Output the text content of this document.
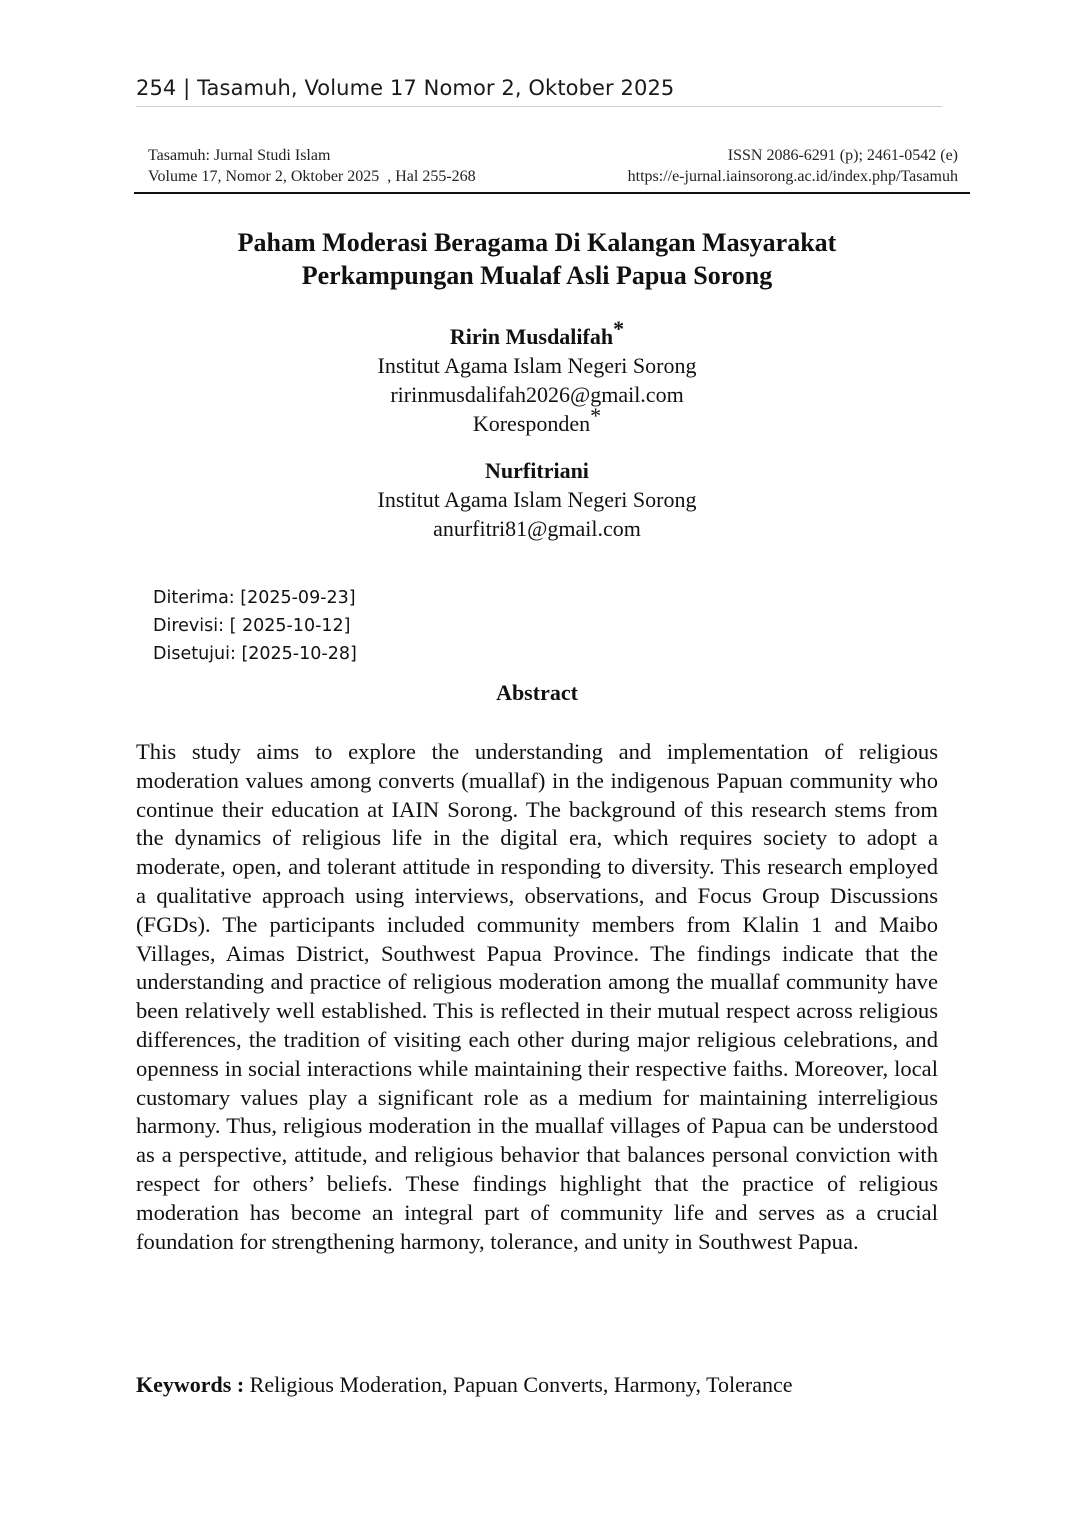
254 | Tasamuh, Volume 17 Nomor 2, Oktober 2025
Tasamuh: Jurnal Studi Islam	ISSN 2086-6291 (p); 2461-0542 (e)
Volume 17, Nomor 2, Oktober 2025  , Hal 255-268	https://e-jurnal.iainsorong.ac.id/index.php/Tasamuh
Paham Moderasi Beragama Di Kalangan Masyarakat
Perkampungan Mualaf Asli Papua Sorong
Ririn Musdalifah*
Institut Agama Islam Negeri Sorong
ririnmusdalifah2026@gmail.com
Koresponden*
Nurfitriani
Institut Agama Islam Negeri Sorong
anurfitri81@gmail.com
Diterima: [2025-09-23]
Direvisi: [ 2025-10-12]
Disetujui: [2025-10-28]
Abstract
This study aims to explore the understanding and implementation of religious moderation values among converts (muallaf) in the indigenous Papuan community who continue their education at IAIN Sorong. The background of this research stems from the dynamics of religious life in the digital era, which requires society to adopt a moderate, open, and tolerant attitude in responding to diversity. This research employed a qualitative approach using interviews, observations, and Focus Group Discussions (FGDs). The participants included community members from Klalin 1 and Maibo Villages, Aimas District, Southwest Papua Province. The findings indicate that the understanding and practice of religious moderation among the muallaf community have been relatively well established. This is reflected in their mutual respect across religious differences, the tradition of visiting each other during major religious celebrations, and openness in social interactions while maintaining their respective faiths. Moreover, local customary values play a significant role as a medium for maintaining interreligious harmony. Thus, religious moderation in the muallaf villages of Papua can be understood as a perspective, attitude, and religious behavior that balances personal conviction with respect for others’ beliefs. These findings highlight that the practice of religious moderation has become an integral part of community life and serves as a crucial foundation for strengthening harmony, tolerance, and unity in Southwest Papua.
Keywords : Religious Moderation, Papuan Converts, Harmony, Tolerance
